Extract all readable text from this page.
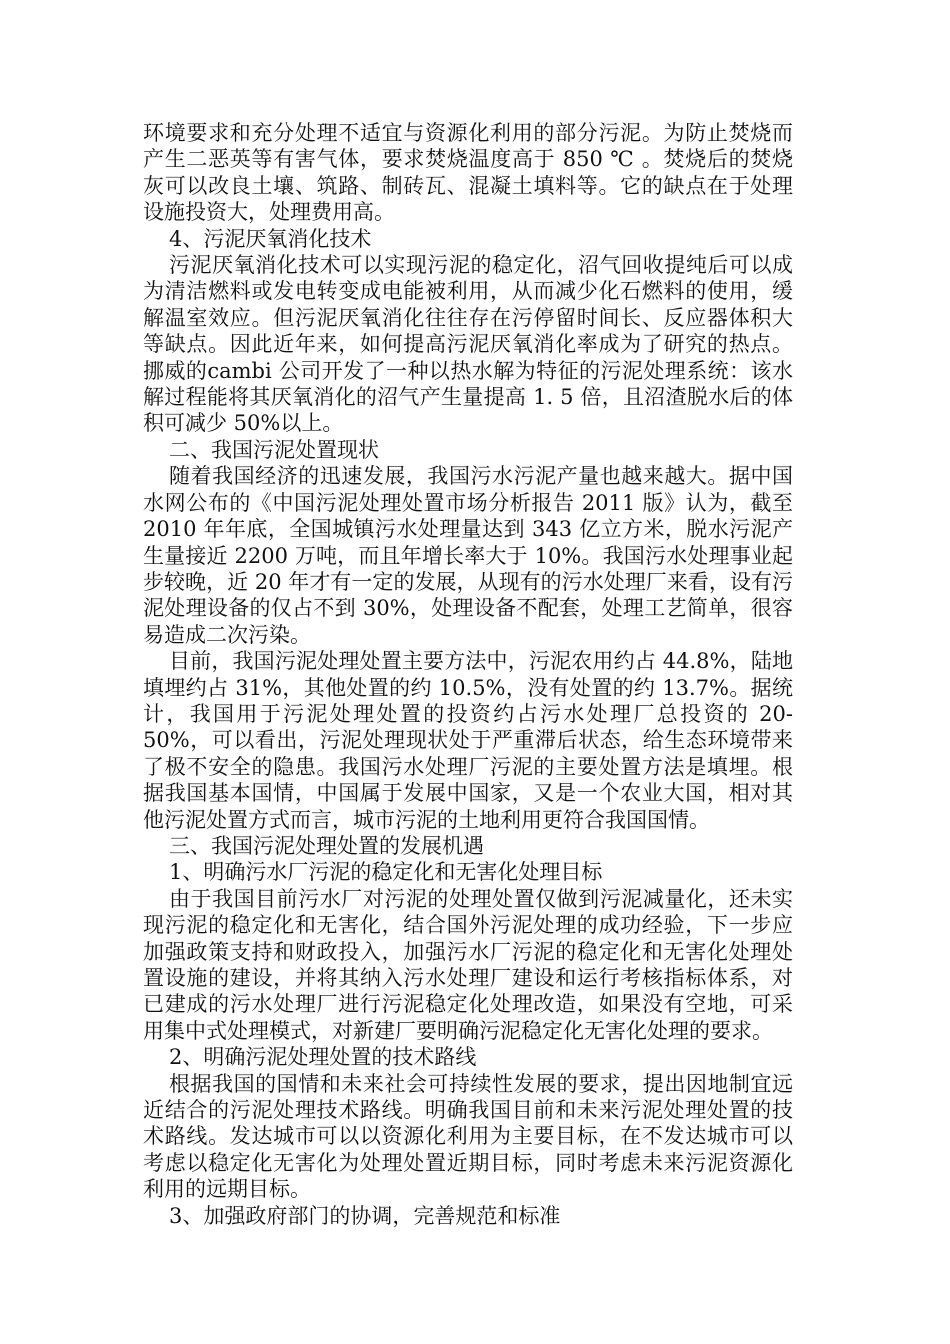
环境要求和充分处理不适宜与资源化利用的部分污泥。为防止焚烧而产生二恶英等有害气体，要求焚烧温度高于 850 ℃ 。焚烧后的焚烧灰可以改良土壤、筑路、制砖瓦、混凝土填料等。它的缺点在于处理设施投资大，处理费用高。

4、污泥厌氧消化技术

污泥厌氧消化技术可以实现污泥的稳定化，沼气回收提纯后可以成为清洁燃料或发电转变成电能被利用，从而减少化石燃料的使用，缓解温室效应。但污泥厌氧消化往往存在污停留时间长、反应器体积大等缺点。因此近年来，如何提高污泥厌氧消化率成为了研究的热点。挪威的cambi 公司开发了一种以热水解为特征的污泥处理系统：该水解过程能将其厌氧消化的沼气产生量提高 1. 5 倍，且沼渣脱水后的体积可减少 50%以上。

二、我国污泥处置现状

随着我国经济的迅速发展，我国污水污泥产量也越来越大。据中国水网公布的《中国污泥处理处置市场分析报告 2011 版》认为，截至 2010 年年底，全国城镇污水处理量达到 343 亿立方米，脱水污泥产生量接近 2200 万吨，而且年增长率大于 10%。我国污水处理事业起步较晚，近 20 年才有一定的发展，从现有的污水处理厂来看，设有污泥处理设备的仅占不到 30%，处理设备不配套，处理工艺简单，很容易造成二次污染。

目前，我国污泥处理处置主要方法中，污泥农用约占 44.8%，陆地填埋约占 31%，其他处置的约 10.5%，没有处置的约 13.7%。据统计，我国用于污泥处理处置的投资约占污水处理厂总投资的 20-50%，可以看出，污泥处理现状处于严重滞后状态，给生态环境带来了极不安全的隐患。我国污水处理厂污泥的主要处置方法是填埋。根据我国基本国情，中国属于发展中国家，又是一个农业大国，相对其他污泥处置方式而言，城市污泥的土地利用更符合我国国情。

三、我国污泥处理处置的发展机遇

1、明确污水厂污泥的稳定化和无害化处理目标

由于我国目前污水厂对污泥的处理处置仅做到污泥减量化，还未实现污泥的稳定化和无害化，结合国外污泥处理的成功经验，下一步应加强政策支持和财政投入，加强污水厂污泥的稳定化和无害化处理处置设施的建设，并将其纳入污水处理厂建设和运行考核指标体系，对已建成的污水处理厂进行污泥稳定化处理改造，如果没有空地，可采用集中式处理模式，对新建厂要明确污泥稳定化无害化处理的要求。

2、明确污泥处理处置的技术路线

根据我国的国情和未来社会可持续性发展的要求，提出因地制宜远近结合的污泥处理技术路线。明确我国目前和未来污泥处理处置的技术路线。发达城市可以以资源化利用为主要目标，在不发达城市可以考虑以稳定化无害化为处理处置近期目标，同时考虑未来污泥资源化利用的远期目标。

3、加强政府部门的协调，完善规范和标准
